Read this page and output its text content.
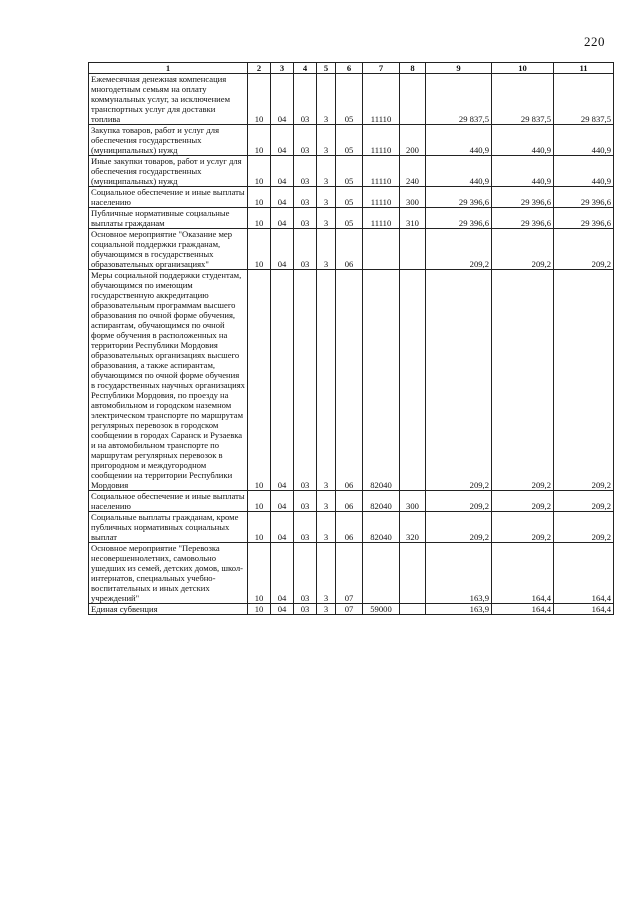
220
1	2	3	4	5	6	7	8	9	10	11
Ежемесячная денежная компенсация многодетным семьям на оплату коммунальных услуг, за исключением транспортных услуг для доставки топлива	10	04	03	3	05	11110		29 837,5	29 837,5	29 837,5
Закупка товаров, работ и услуг для обеспечения государственных (муниципальных) нужд	10	04	03	3	05	11110	200	440,9	440,9	440,9
Иные закупки товаров, работ и услуг для обеспечения государственных (муниципальных) нужд	10	04	03	3	05	11110	240	440,9	440,9	440,9
Социальное обеспечение и иные выплаты населению	10	04	03	3	05	11110	300	29 396,6	29 396,6	29 396,6
Публичные нормативные социальные выплаты гражданам	10	04	03	3	05	11110	310	29 396,6	29 396,6	29 396,6
Основное мероприятие "Оказание мер социальной поддержки гражданам, обучающимся в государственных образовательных организациях"	10	04	03	3	06			209,2	209,2	209,2
Меры социальной поддержки студентам, обучающимся по имеющим государственную аккредитацию образовательным программам высшего образования по очной форме обучения, аспирантам, обучающимся по очной форме обучения в расположенных на территории Республики Мордовия образовательных организациях высшего образования, а также аспирантам, обучающимся по очной форме обучения в государственных научных организациях Республики Мордовия, по проезду на автомобильном и городском наземном электрическом транспорте по маршрутам регулярных перевозок в городском сообщении в городах Саранск и Рузаевка и на автомобильном транспорте по маршрутам регулярных перевозок в пригородном и междугородном сообщении на территории Республики Мордовия	10	04	03	3	06	82040		209,2	209,2	209,2
Социальное обеспечение и иные выплаты населению	10	04	03	3	06	82040	300	209,2	209,2	209,2
Социальные выплаты гражданам, кроме публичных нормативных социальных выплат	10	04	03	3	06	82040	320	209,2	209,2	209,2
Основное мероприятие "Перевозка несовершеннолетних, самовольно ушедших из семей, детских домов, школ-интернатов, специальных учебно-воспитательных и иных детских учреждений"	10	04	03	3	07			163,9	164,4	164,4
Единая субвенция	10	04	03	3	07	59000		163,9	164,4	164,4
